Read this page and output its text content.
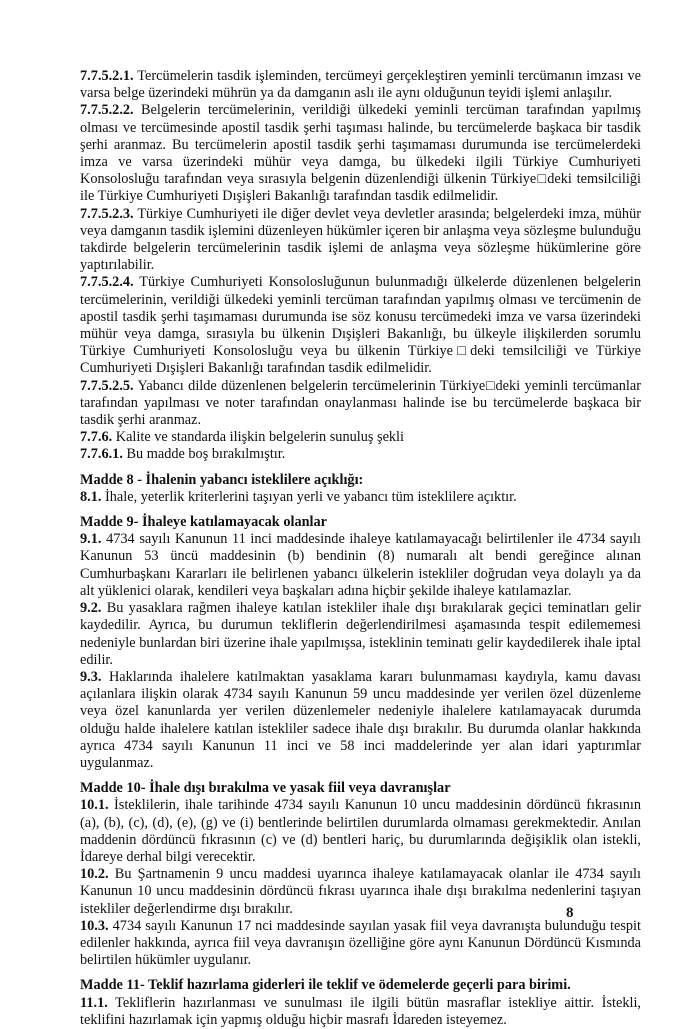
7.7.5.2.1. Tercümelerin tasdik işleminden, tercümeyi gerçekleştiren yeminli tercümanın imzası ve varsa belge üzerindeki mührün ya da damganın aslı ile aynı olduğunun teyidi işlemi anlaşılır.

7.7.5.2.2. Belgelerin tercümelerinin, verildiği ülkedeki yeminli tercüman tarafından yapılmış olması ve tercümesinde apostil tasdik şerhi taşıması halinde, bu tercümelerde başkaca bir tasdik şerhi aranmaz. Bu tercümelerin apostil tasdik şerhi taşımaması durumunda ise tercümelerdeki imza ve varsa üzerindeki mühür veya damga, bu ülkedeki ilgili Türkiye Cumhuriyeti Konsolosluğu tarafından veya sırasıyla belgenin düzenlendiği ülkenin Türkiye□deki temsilciliği ile Türkiye Cumhuriyeti Dışişleri Bakanlığı tarafından tasdik edilmelidir.

7.7.5.2.3. Türkiye Cumhuriyeti ile diğer devlet veya devletler arasında; belgelerdeki imza, mühür veya damganın tasdik işlemini düzenleyen hükümler içeren bir anlaşma veya sözleşme bulunduğu takdirde belgelerin tercümelerinin tasdik işlemi de anlaşma veya sözleşme hükümlerine göre yaptırılabilir.

7.7.5.2.4. Türkiye Cumhuriyeti Konsolosluğunun bulunmadığı ülkelerde düzenlenen belgelerin tercümelerinin, verildiği ülkedeki yeminli tercüman tarafından yapılmış olması ve tercümenin de apostil tasdik şerhi taşımaması durumunda ise söz konusu tercümedeki imza ve varsa üzerindeki mühür veya damga, sırasıyla bu ülkenin Dışişleri Bakanlığı, bu ülkeyle ilişkilerden sorumlu Türkiye Cumhuriyeti Konsolosluğu veya bu ülkenin Türkiye□deki temsilciliği ve Türkiye Cumhuriyeti Dışişleri Bakanlığı tarafından tasdik edilmelidir.

7.7.5.2.5. Yabancı dilde düzenlenen belgelerin tercümelerinin Türkiye□deki yeminli tercümanlar tarafından yapılması ve noter tarafından onaylanması halinde ise bu tercümelerde başkaca bir tasdik şerhi aranmaz.

7.7.6. Kalite ve standarda ilişkin belgelerin sunuluş şekli

7.7.6.1. Bu madde boş bırakılmıştır.

Madde 8 - İhalenin yabancı isteklilere açıklığı:

8.1. İhale, yeterlik kriterlerini taşıyan yerli ve yabancı tüm isteklilere açıktır.

Madde 9- İhaleye katılamayacak olanlar

9.1. 4734 sayılı Kanunun 11 inci maddesinde ihaleye katılamayacağı belirtilenler ile 4734 sayılı Kanunun 53 üncü maddesinin (b) bendinin (8) numaralı alt bendi gereğince alınan Cumhurbaşkanı Kararları ile belirlenen yabancı ülkelerin istekliler doğrudan veya dolaylı ya da alt yüklenici olarak, kendileri veya başkaları adına hiçbir şekilde ihaleye katılamazlar.

9.2. Bu yasaklara rağmen ihaleye katılan istekliler ihale dışı bırakılarak geçici teminatları gelir kaydedilir. Ayrıca, bu durumun tekliflerin değerlendirilmesi aşamasında tespit edilememesi nedeniyle bunlardan biri üzerine ihale yapılmışsa, isteklinin teminatı gelir kaydedilerek ihale iptal edilir.

9.3. Haklarında ihalelere katılmaktan yasaklama kararı bulunmaması kaydıyla, kamu davası açılanlara ilişkin olarak 4734 sayılı Kanunun 59 uncu maddesinde yer verilen özel düzenleme veya özel kanunlarda yer verilen düzenlemeler nedeniyle ihalelere katılamayacak durumda olduğu halde ihalelere katılan istekliler sadece ihale dışı bırakılır. Bu durumda olanlar hakkında ayrıca 4734 sayılı Kanunun 11 inci ve 58 inci maddelerinde yer alan idari yaptırımlar uygulanmaz.

Madde 10- İhale dışı bırakılma ve yasak fiil veya davranışlar

10.1. İsteklilerin, ihale tarihinde 4734 sayılı Kanunun 10 uncu maddesinin dördüncü fıkrasının (a), (b), (c), (d), (e), (g) ve (i) bentlerinde belirtilen durumlarda olmaması gerekmektedir. Anılan maddenin dördüncü fıkrasının (c) ve (d) bentleri hariç, bu durumlarında değişiklik olan istekli, İdareye derhal bilgi verecektir.

10.2. Bu Şartnamenin 9 uncu maddesi uyarınca ihaleye katılamayacak olanlar ile 4734 sayılı Kanunun 10 uncu maddesinin dördüncü fıkrası uyarınca ihale dışı bırakılma nedenlerini taşıyan istekliler değerlendirme dışı bırakılır.

10.3. 4734 sayılı Kanunun 17 nci maddesinde sayılan yasak fiil veya davranışta bulunduğu tespit edilenler hakkında, ayrıca fiil veya davranışın özelliğine göre aynı Kanunun Dördüncü Kısmında belirtilen hükümler uygulanır.

Madde 11- Teklif hazırlama giderleri ile teklif ve ödemelerde geçerli para birimi.

11.1. Tekliflerin hazırlanması ve sunulması ile ilgili bütün masraflar istekliye aittir. İstekli, teklifini hazırlamak için yapmış olduğu hiçbir masrafı İdareden isteyemez.

8
